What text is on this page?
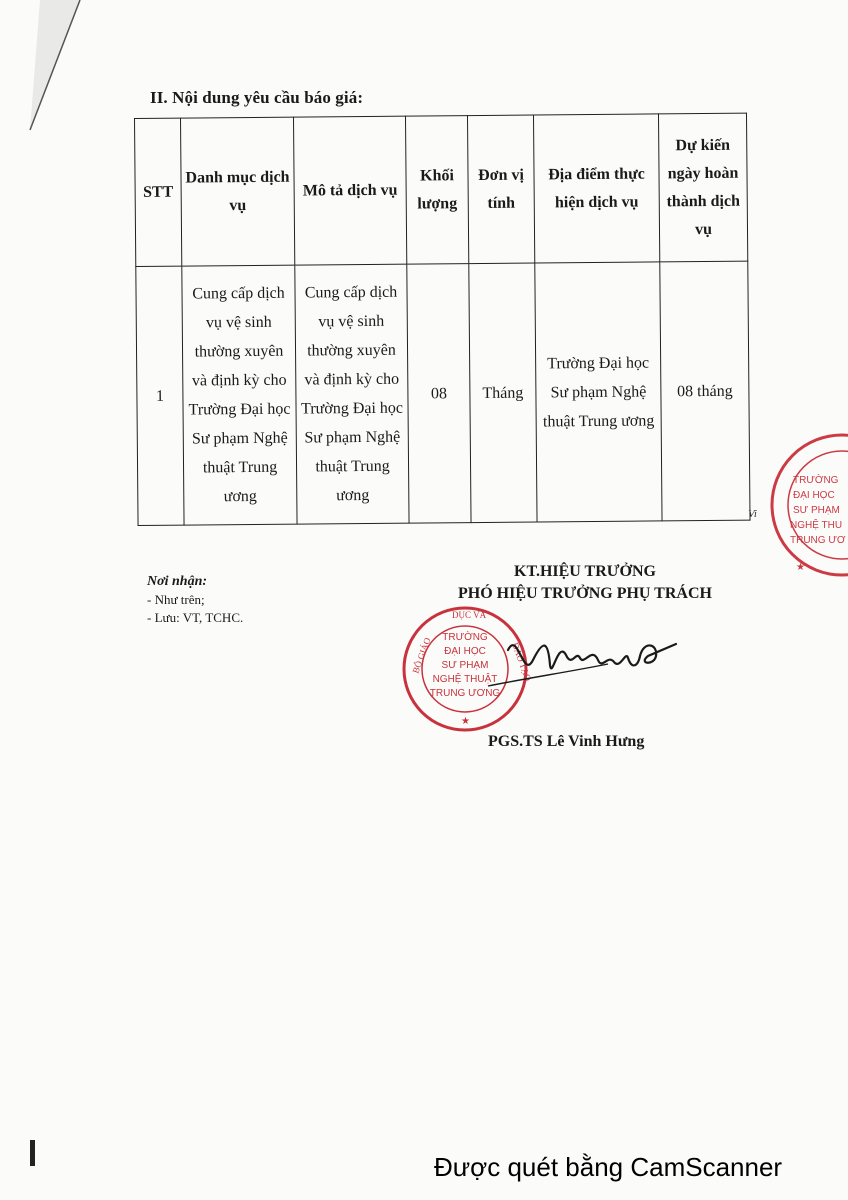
II. Nội dung yêu cầu báo giá:
STT	Danh mục dịch vụ	Mô tả dịch vụ	Khối lượng	Đơn vị tính	Địa điểm thực hiện dịch vụ	Dự kiến ngày hoàn thành dịch vụ
1	Cung cấp dịch vụ vệ sinh thường xuyên và định kỳ cho Trường Đại học Sư phạm Nghệ thuật Trung ương	Cung cấp dịch vụ vệ sinh thường xuyên và định kỳ cho Trường Đại học Sư phạm Nghệ thuật Trung ương	08	Tháng	Trường Đại học Sư phạm Nghệ thuật Trung ương	08 tháng
Vi
TRƯỜNG
ĐẠI HỌC
SƯ PHẠM
NGHỆ THU
TRUNG ƯƠ
★
Nơi nhận:
- Như trên;
- Lưu: VT, TCHC.
KT.HIỆU TRƯỞNG
PHÓ HIỆU TRƯỞNG PHỤ TRÁCH
TRƯỜNG
ĐẠI HỌC
SƯ PHẠM
NGHỆ THUẬT
TRUNG ƯƠNG
BỘ GIÁO
DỤC VÀ
ĐÀO TẠO
★
PGS.TS Lê Vinh Hưng
Được quét bằng CamScanner
